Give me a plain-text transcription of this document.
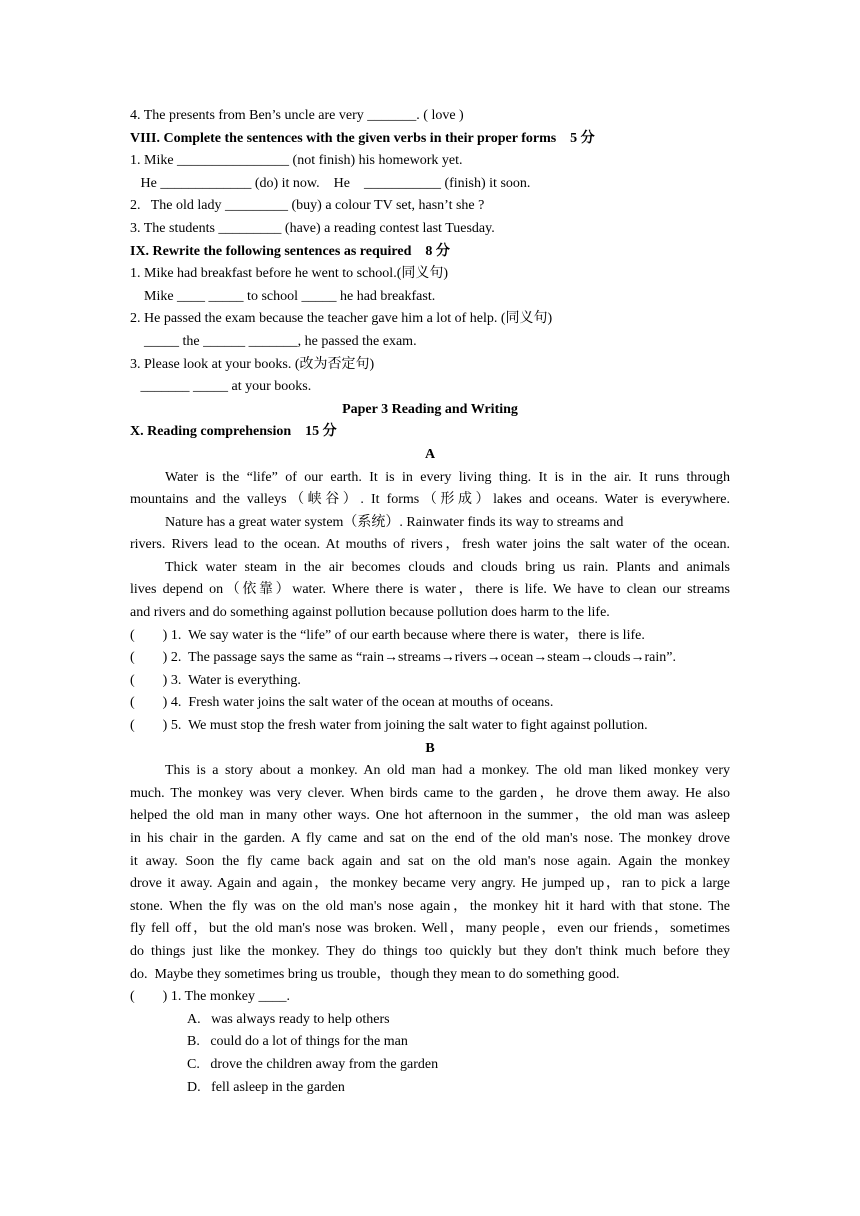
4. The presents from Ben’s uncle are very _______. ( love )
VIII. Complete the sentences with the given verbs in their proper forms    5 分
1. Mike ________________ (not finish) his homework yet.
He _____________ (do) it now.    He    ___________ (finish) it soon.
2.   The old lady _________ (buy) a colour TV set, hasn’t she ?
3. The students _________ (have) a reading contest last Tuesday.
IX. Rewrite the following sentences as required    8 分
1. Mike had breakfast before he went to school.(同义句)
Mike ____ _____ to school _____ he had breakfast.
2. He passed the exam because the teacher gave him a lot of help. (同义句)
_____ the ______ _______, he passed the exam.
3. Please look at your books. (改为否定句)
_______ _____ at your books.
Paper 3 Reading and Writing
X. Reading comprehension    15 分
A
Water is the “life” of our earth. It is in every living thing. It is in the air. It runs through
mountains and the valleys（峡谷）. It forms（形成）lakes and oceans. Water is everywhere.
Nature has a great water system（系统）. Rainwater finds its way to streams and
rivers. Rivers lead to the ocean. At mouths of rivers，fresh water joins the salt water of the ocean.
Thick water steam in the air becomes clouds and clouds bring us rain. Plants and animals
lives depend on（依靠）water. Where there is water，there is life. We have to clean our streams
and rivers and do something against pollution because pollution does harm to the life.
(        ) 1.  We say water is the “life” of our earth because where there is water，there is life.
(        ) 2.  The passage says the same as “rain→streams→rivers→ocean→steam→clouds→rain”.
(        ) 3.  Water is everything.
(        ) 4.  Fresh water joins the salt water of the ocean at mouths of oceans.
(        ) 5.  We must stop the fresh water from joining the salt water to fight against pollution.
B
This is a story about a monkey. An old man had a monkey. The old man liked monkey very
much. The monkey was very clever. When birds came to the garden，he drove them away. He also
helped the old man in many other ways. One hot afternoon in the summer，the old man was asleep
in his chair in the garden. A fly came and sat on the end of the old man's nose. The monkey drove
it away. Soon the fly came back again and sat on the old man's nose again. Again the monkey
drove it away. Again and again，the monkey became very angry. He jumped up，ran to pick a large
stone. When the fly was on the old man's nose again，the monkey hit it hard with that stone. The
fly fell off，but the old man's nose was broken. Well，many people，even our friends，sometimes
do things just like the monkey. They do things too quickly but they don't think much before they
do.  Maybe they sometimes bring us trouble，though they mean to do something good.
(        ) 1. The monkey ____.
A.   was always ready to help others
B.   could do a lot of things for the man
C.   drove the children away from the garden
D.   fell asleep in the garden
